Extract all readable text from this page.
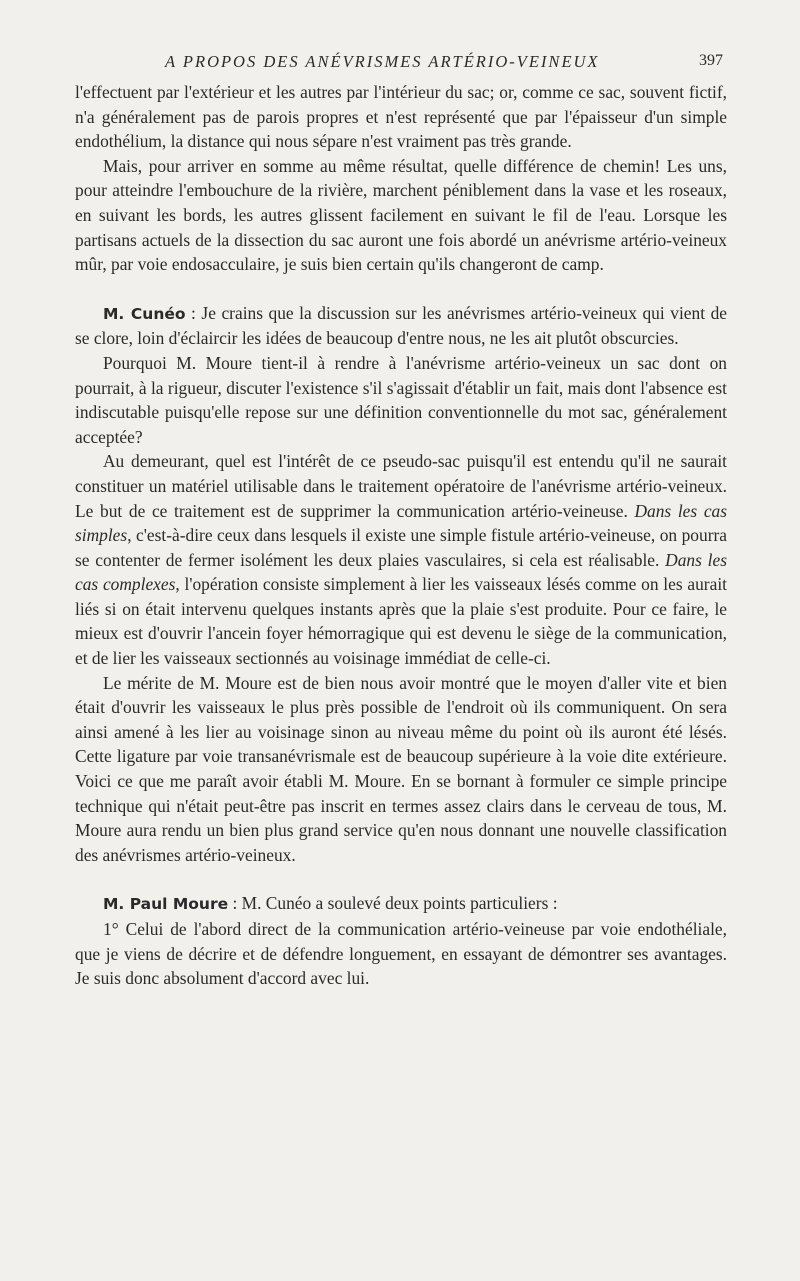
A PROPOS DES ANÉVRISMES ARTÉRIO-VEINEUX	397

l'effectuent par l'extérieur et les autres par l'intérieur du sac; or, comme ce sac, souvent fictif, n'a généralement pas de parois propres et n'est représenté que par l'épaisseur d'un simple endothélium, la distance qui nous sépare n'est vraiment pas très grande.

Mais, pour arriver en somme au même résultat, quelle différence de chemin! Les uns, pour atteindre l'embouchure de la rivière, marchent péniblement dans la vase et les roseaux, en suivant les bords, les autres glissent facilement en suivant le fil de l'eau. Lorsque les partisans actuels de la dissection du sac auront une fois abordé un anévrisme artério-veineux mûr, par voie endosacculaire, je suis bien certain qu'ils changeront de camp.

M. Cunéo : Je crains que la discussion sur les anévrismes artério-veineux qui vient de se clore, loin d'éclaircir les idées de beaucoup d'entre nous, ne les ait plutôt obscurcies.

Pourquoi M. Moure tient-il à rendre à l'anévrisme artério-veineux un sac dont on pourrait, à la rigueur, discuter l'existence s'il s'agissait d'établir un fait, mais dont l'absence est indiscutable puisqu'elle repose sur une définition conventionnelle du mot sac, généralement acceptée?

Au demeurant, quel est l'intérêt de ce pseudo-sac puisqu'il est entendu qu'il ne saurait constituer un matériel utilisable dans le traitement opératoire de l'anévrisme artério-veineux. Le but de ce traitement est de supprimer la communication artério-veineuse. Dans les cas simples, c'est-à-dire ceux dans lesquels il existe une simple fistule artério-veineuse, on pourra se contenter de fermer isolément les deux plaies vasculaires, si cela est réalisable. Dans les cas complexes, l'opération consiste simplement à lier les vaisseaux lésés comme on les aurait liés si on était intervenu quelques instants après que la plaie s'est produite. Pour ce faire, le mieux est d'ouvrir l'ancein foyer hémorragique qui est devenu le siège de la communication, et de lier les vaisseaux sectionnés au voisinage immédiat de celle-ci.

Le mérite de M. Moure est de bien nous avoir montré que le moyen d'aller vite et bien était d'ouvrir les vaisseaux le plus près possible de l'endroit où ils communiquent. On sera ainsi amené à les lier au voisinage sinon au niveau même du point où ils auront été lésés. Cette ligature par voie transanévrismale est de beaucoup supérieure à la voie dite extérieure. Voici ce que me paraît avoir établi M. Moure. En se bornant à formuler ce simple principe technique qui n'était peut-être pas inscrit en termes assez clairs dans le cerveau de tous, M. Moure aura rendu un bien plus grand service qu'en nous donnant une nouvelle classification des anévrismes artério-veineux.

M. Paul Moure : M. Cunéo a soulevé deux points particuliers :

1° Celui de l'abord direct de la communication artério-veineuse par voie endothéliale, que je viens de décrire et de défendre longuement, en essayant de démontrer ses avantages. Je suis donc absolument d'accord avec lui.
